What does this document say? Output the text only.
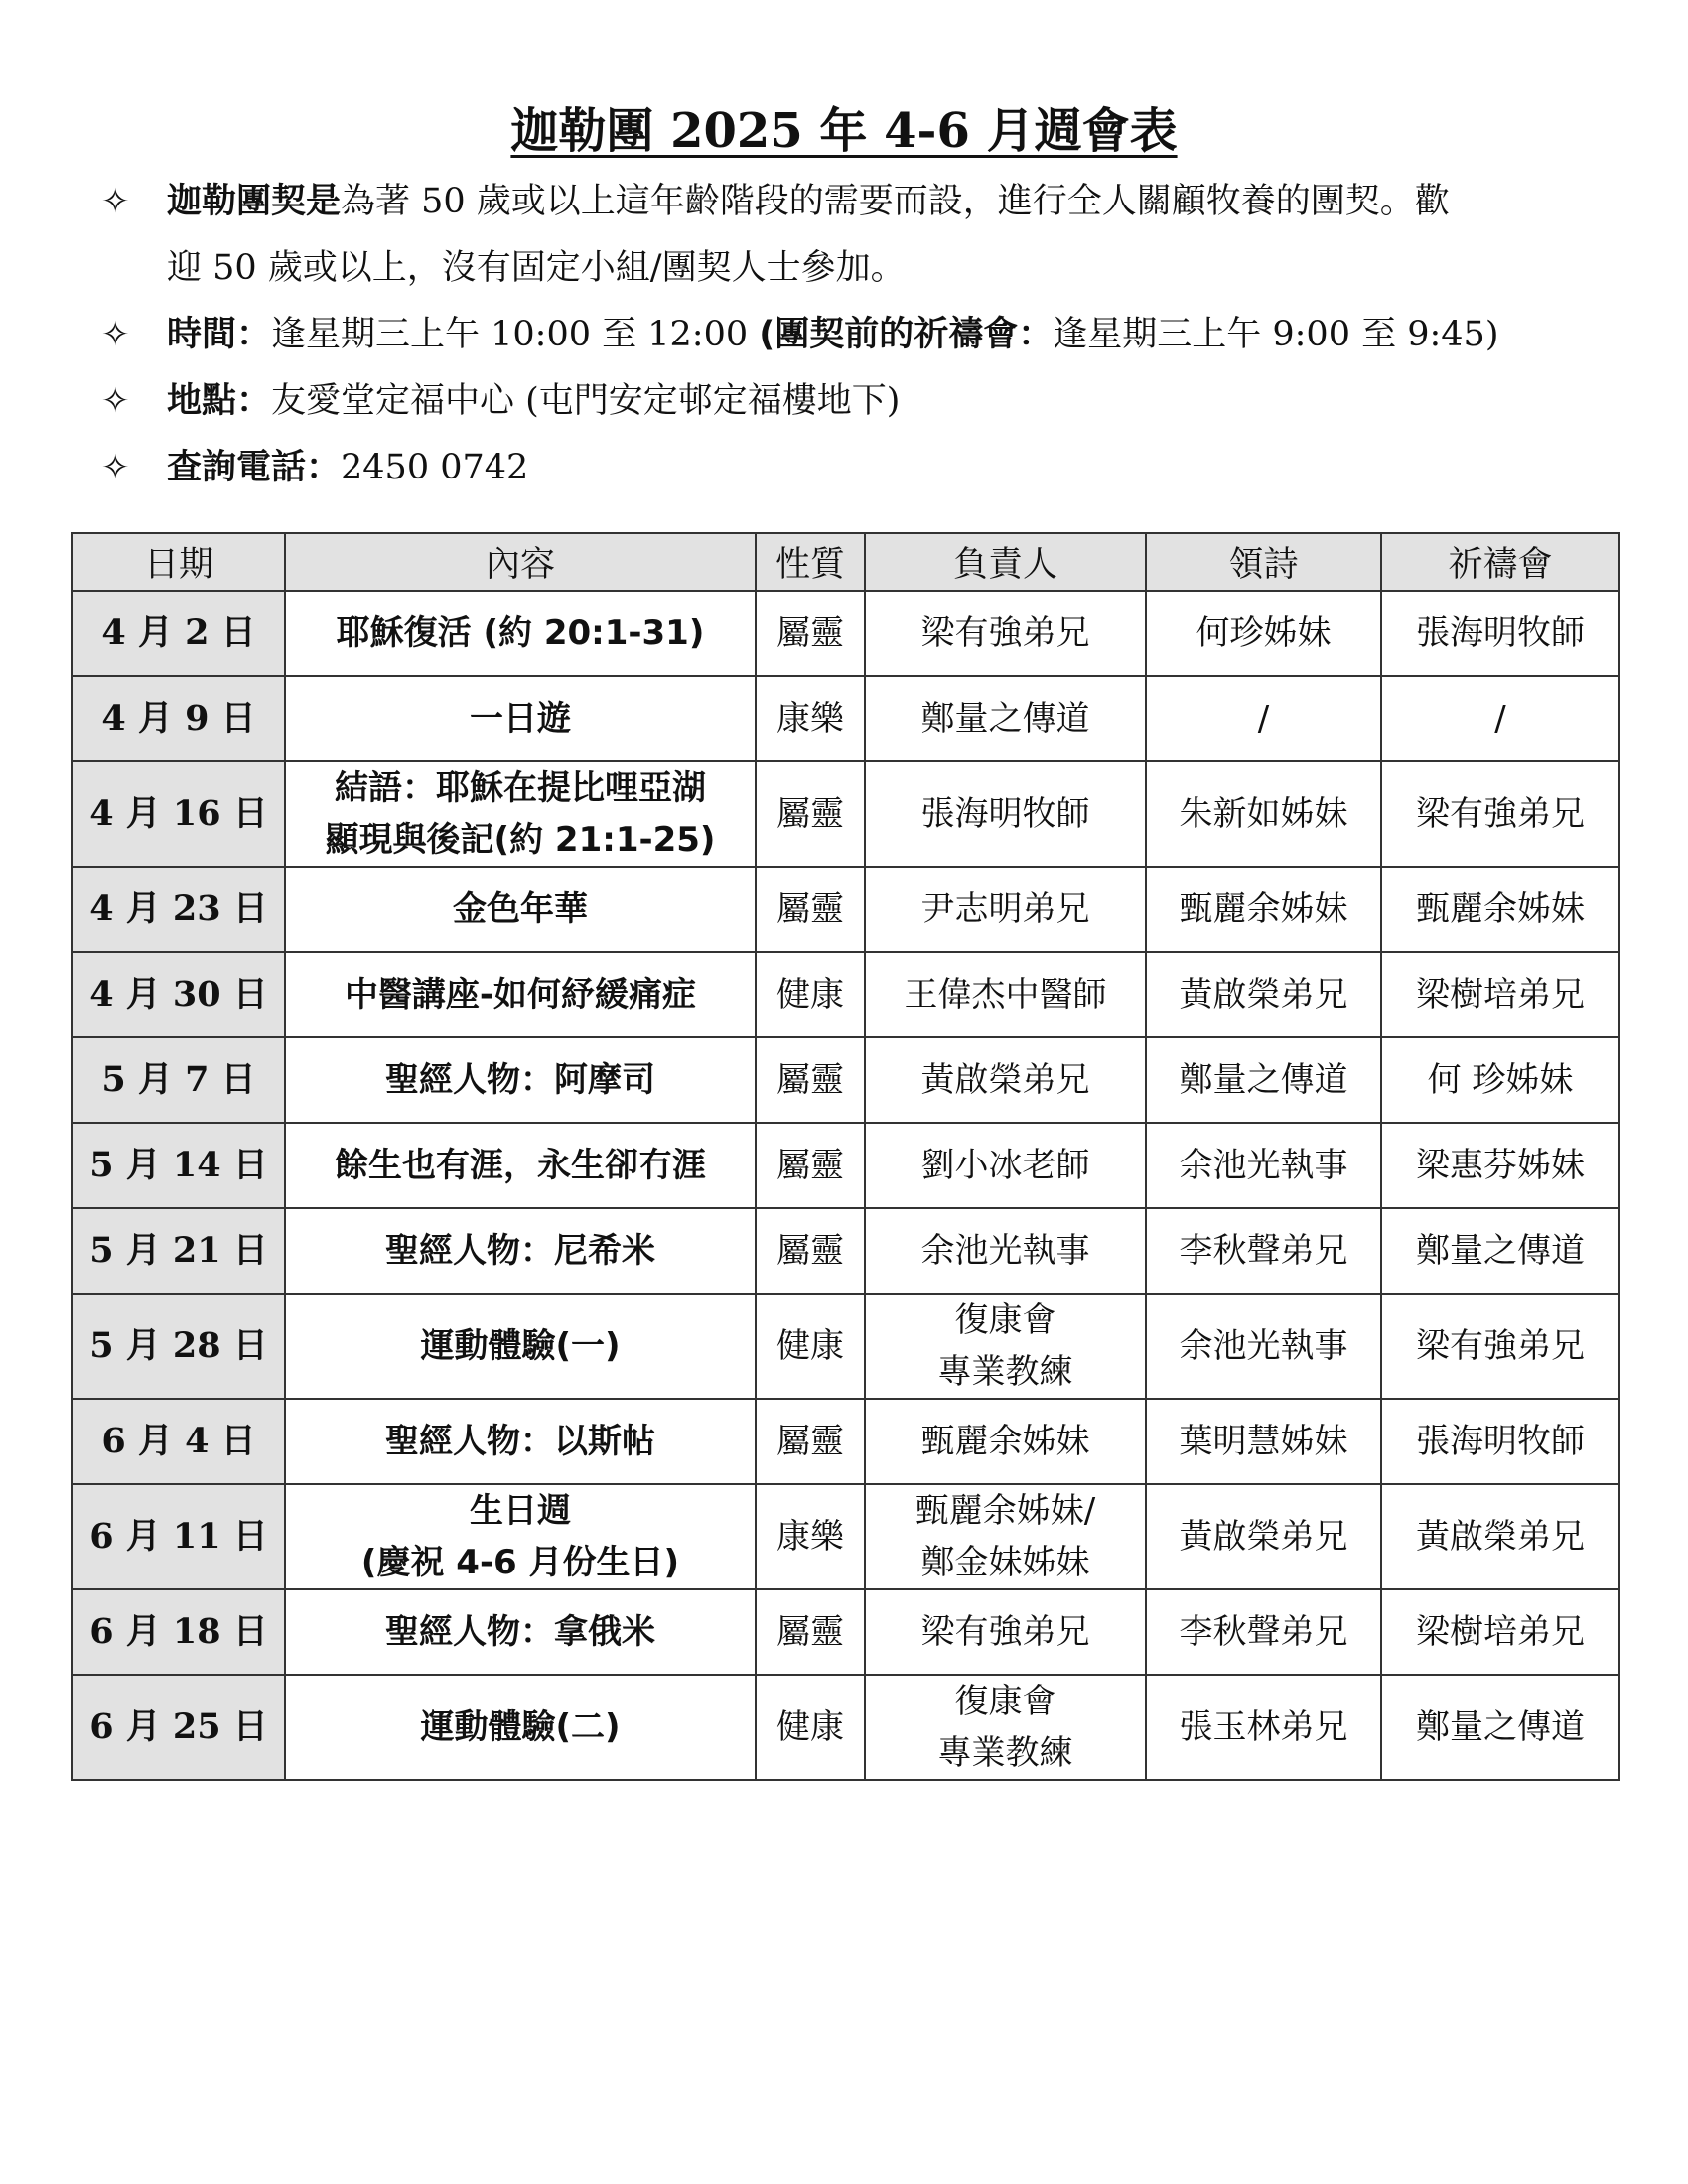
迦勒團 2025 年 4-6 月週會表
✧ 迦勒團契是為著 50 歲或以上這年齡階段的需要而設，進行全人關顧牧養的團契。歡
迎 50 歲或以上，沒有固定小組/團契人士參加。
✧ 時間：逢星期三上午 10:00 至 12:00 (團契前的祈禱會：逢星期三上午 9:00 至 9:45)
✧ 地點：友愛堂定福中心 (屯門安定邨定福樓地下)
✧ 查詢電話：2450 0742
日期	內容	性質	負責人	領詩	祈禱會
4 月 2 日	耶穌復活 (約 20:1-31)	屬靈	梁有強弟兄	何珍姊妹	張海明牧師
4 月 9 日	一日遊	康樂	鄭量之傳道	/	/
4 月 16 日	結語：耶穌在提比哩亞湖
顯現與後記(約 21:1-25)	屬靈	張海明牧師	朱新如姊妹	梁有強弟兄
4 月 23 日	金色年華	屬靈	尹志明弟兄	甄麗余姊妹	甄麗余姊妹
4 月 30 日	中醫講座-如何紓緩痛症	健康	王偉杰中醫師	黃啟榮弟兄	梁樹培弟兄
5 月 7 日	聖經人物：阿摩司	屬靈	黃啟榮弟兄	鄭量之傳道	何 珍姊妹
5 月 14 日	餘生也有涯，永生卻冇涯	屬靈	劉小冰老師	余池光執事	梁惠芬姊妹
5 月 21 日	聖經人物：尼希米	屬靈	余池光執事	李秋聲弟兄	鄭量之傳道
5 月 28 日	運動體驗(一)	健康	復康會
專業教練	余池光執事	梁有強弟兄
6 月 4 日	聖經人物：以斯帖	屬靈	甄麗余姊妹	葉明慧姊妹	張海明牧師
6 月 11 日	生日週
(慶祝 4-6 月份生日)	康樂	甄麗余姊妹/
鄭金妹姊妹	黃啟榮弟兄	黃啟榮弟兄
6 月 18 日	聖經人物：拿俄米	屬靈	梁有強弟兄	李秋聲弟兄	梁樹培弟兄
6 月 25 日	運動體驗(二)	健康	復康會
專業教練	張玉林弟兄	鄭量之傳道
